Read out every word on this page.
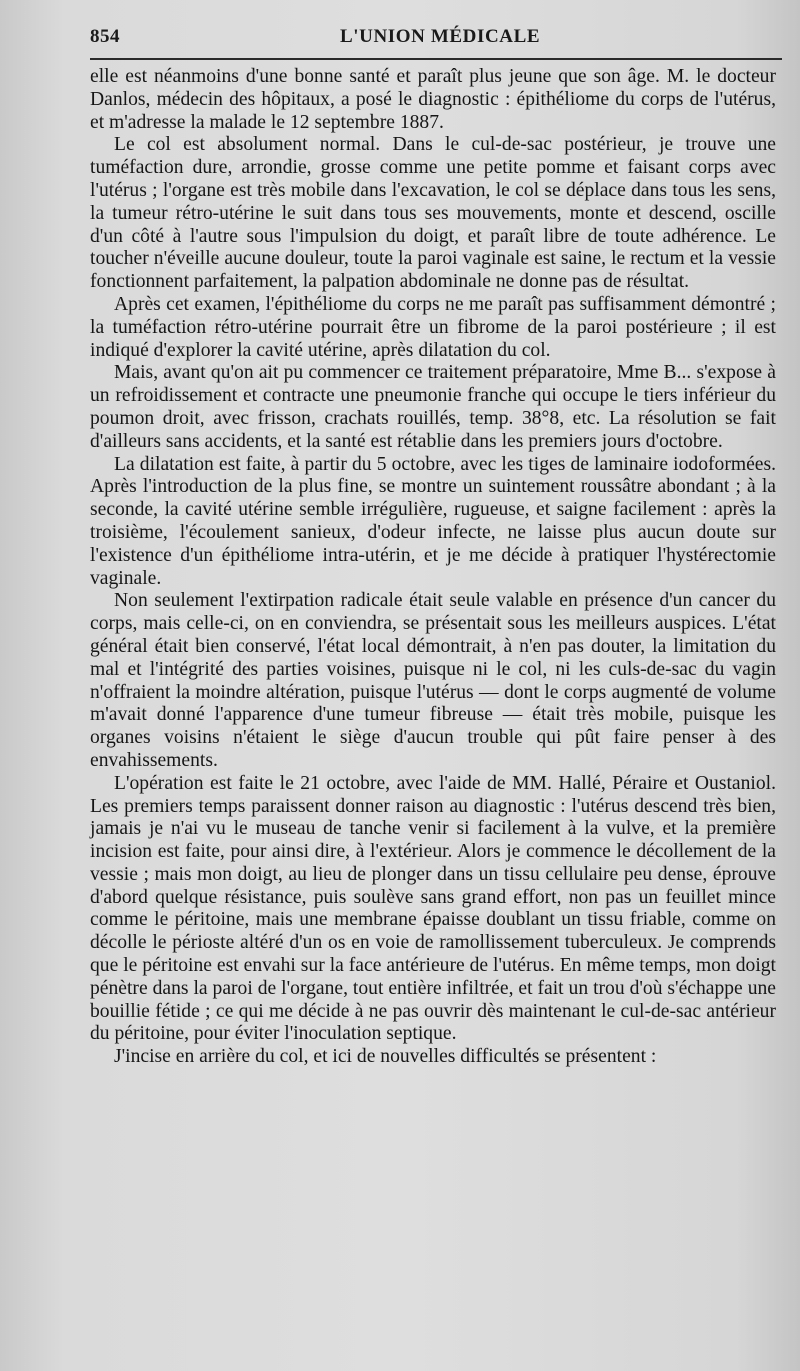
854	L'UNION MÉDICALE

elle est néanmoins d'une bonne santé et paraît plus jeune que son âge. M. le docteur Danlos, médecin des hôpitaux, a posé le diagnostic : épithéliome du corps de l'utérus, et m'adresse la malade le 12 septembre 1887.

Le col est absolument normal. Dans le cul-de-sac postérieur, je trouve une tuméfaction dure, arrondie, grosse comme une petite pomme et faisant corps avec l'utérus ; l'organe est très mobile dans l'excavation, le col se déplace dans tous les sens, la tumeur rétro-utérine le suit dans tous ses mouvements, monte et descend, oscille d'un côté à l'autre sous l'impulsion du doigt, et paraît libre de toute adhérence. Le toucher n'éveille aucune douleur, toute la paroi vaginale est saine, le rectum et la vessie fonctionnent parfaitement, la palpation abdominale ne donne pas de résultat.

Après cet examen, l'épithéliome du corps ne me paraît pas suffisamment démontré ; la tuméfaction rétro-utérine pourrait être un fibrome de la paroi postérieure ; il est indiqué d'explorer la cavité utérine, après dilatation du col.

Mais, avant qu'on ait pu commencer ce traitement préparatoire, Mme B... s'expose à un refroidissement et contracte une pneumonie franche qui occupe le tiers inférieur du poumon droit, avec frisson, crachats rouillés, temp. 38°8, etc. La résolution se fait d'ailleurs sans accidents, et la santé est rétablie dans les premiers jours d'octobre.

La dilatation est faite, à partir du 5 octobre, avec les tiges de laminaire iodoformées. Après l'introduction de la plus fine, se montre un suintement roussâtre abondant ; à la seconde, la cavité utérine semble irrégulière, rugueuse, et saigne facilement : après la troisième, l'écoulement sanieux, d'odeur infecte, ne laisse plus aucun doute sur l'existence d'un épithéliome intra-utérin, et je me décide à pratiquer l'hystérectomie vaginale.

Non seulement l'extirpation radicale était seule valable en présence d'un cancer du corps, mais celle-ci, on en conviendra, se présentait sous les meilleurs auspices. L'état général était bien conservé, l'état local démontrait, à n'en pas douter, la limitation du mal et l'intégrité des parties voisines, puisque ni le col, ni les culs-de-sac du vagin n'offraient la moindre altération, puisque l'utérus — dont le corps augmenté de volume m'avait donné l'apparence d'une tumeur fibreuse — était très mobile, puisque les organes voisins n'étaient le siège d'aucun trouble qui pût faire penser à des envahissements.

L'opération est faite le 21 octobre, avec l'aide de MM. Hallé, Péraire et Oustaniol. Les premiers temps paraissent donner raison au diagnostic : l'utérus descend très bien, jamais je n'ai vu le museau de tanche venir si facilement à la vulve, et la première incision est faite, pour ainsi dire, à l'extérieur. Alors je commence le décollement de la vessie ; mais mon doigt, au lieu de plonger dans un tissu cellulaire peu dense, éprouve d'abord quelque résistance, puis soulève sans grand effort, non pas un feuillet mince comme le péritoine, mais une membrane épaisse doublant un tissu friable, comme on décolle le périoste altéré d'un os en voie de ramollissement tuberculeux. Je comprends que le péritoine est envahi sur la face antérieure de l'utérus. En même temps, mon doigt pénètre dans la paroi de l'organe, tout entière infiltrée, et fait un trou d'où s'échappe une bouillie fétide ; ce qui me décide à ne pas ouvrir dès maintenant le cul-de-sac antérieur du péritoine, pour éviter l'inoculation septique.

J'incise en arrière du col, et ici de nouvelles difficultés se présentent :
